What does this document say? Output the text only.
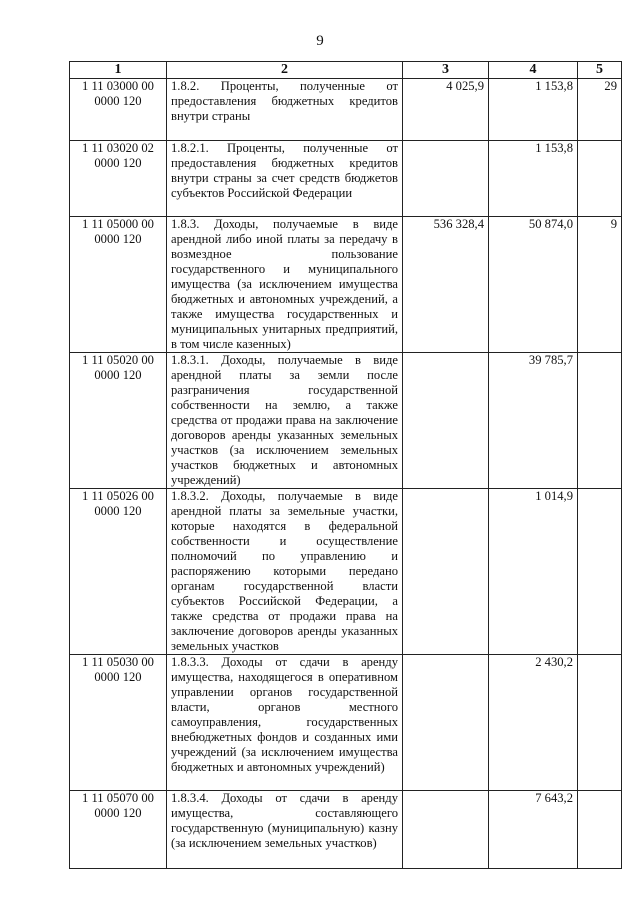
9
1	2	3	4	5
1 11 03000 00
0000 120	1.8.2. Проценты, полученные от предоставления бюджетных кредитов внутри страны	4 025,9	1 153,8	29
1 11 03020 02
0000 120	1.8.2.1. Проценты, полученные от предоставления бюджетных кредитов внутри страны за счет средств бюджетов субъектов Российской Федерации		1 153,8	
1 11 05000 00
0000 120	1.8.3. Доходы, получаемые в виде арендной либо иной платы за передачу в возмездное пользование государственного и муниципального имущества (за исключением имущества бюджетных и автономных учреждений, а также имущества государственных и муниципальных унитарных предприятий, в том числе казенных)	536 328,4	50 874,0	9
1 11 05020 00
0000 120	1.8.3.1. Доходы, получаемые в виде арендной платы за земли после разграничения государственной собственности на землю, а также средства от продажи права на заключение договоров аренды указанных земельных участков (за исключением земельных участков бюджетных и автономных учреждений)		39 785,7	
1 11 05026 00
0000 120	1.8.3.2. Доходы, получаемые в виде арендной платы за земельные участки, которые находятся в федеральной собственности и осуществление полномочий по управлению и распоряжению которыми передано органам государственной власти субъектов Российской Федерации, а также средства от продажи права на заключение договоров аренды указанных земельных участков		1 014,9	
1 11 05030 00
0000 120	1.8.3.3. Доходы от сдачи в аренду имущества, находящегося в оперативном управлении органов государственной власти, органов местного самоуправления, государственных внебюджетных фондов и созданных ими учреждений (за исключением имущества бюджетных и автономных учреждений)		2 430,2	
1 11 05070 00
0000 120	1.8.3.4. Доходы от сдачи в аренду имущества, составляющего государственную (муниципальную) казну (за исключением земельных участков)		7 643,2	
